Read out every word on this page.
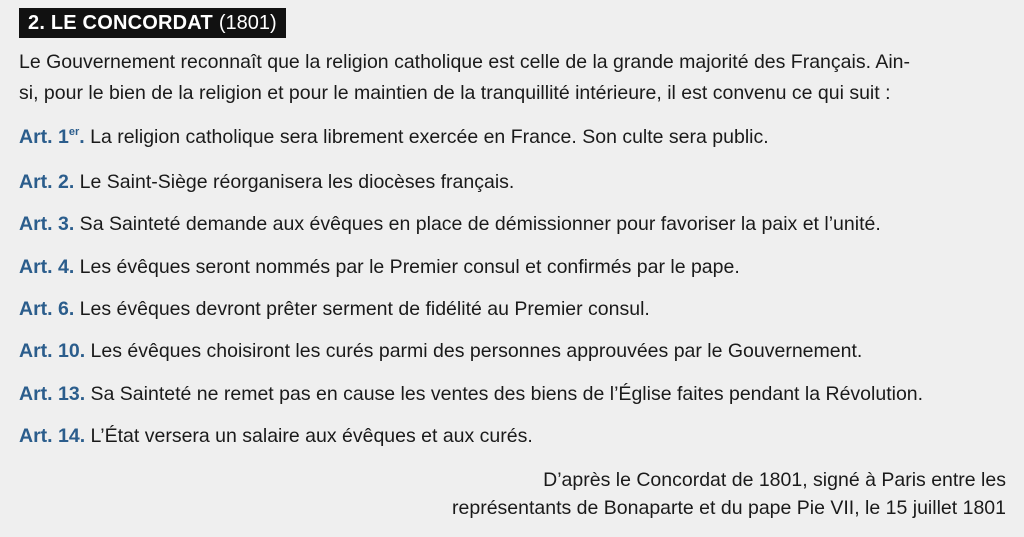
2. LE CONCORDAT (1801)

Le Gouvernement reconnaît que la religion catholique est celle de la grande majorité des Français. Ain-
si, pour le bien de la religion et pour le maintien de la tranquillité intérieure, il est convenu ce qui suit :

Art. 1er. La religion catholique sera librement exercée en France. Son culte sera public.
Art. 2. Le Saint-Siège réorganisera les diocèses français.
Art. 3. Sa Sainteté demande aux évêques en place de démissionner pour favoriser la paix et l’unité.
Art. 4. Les évêques seront nommés par le Premier consul et confirmés par le pape.
Art. 6. Les évêques devront prêter serment de fidélité au Premier consul.
Art. 10. Les évêques choisiront les curés parmi des personnes approuvées par le Gouvernement.
Art. 13. Sa Sainteté ne remet pas en cause les ventes des biens de l’Église faites pendant la Révolution.
Art. 14. L’État versera un salaire aux évêques et aux curés.
D’après le Concordat de 1801, signé à Paris entre les
représentants de Bonaparte et du pape Pie VII, le 15 juillet 1801
